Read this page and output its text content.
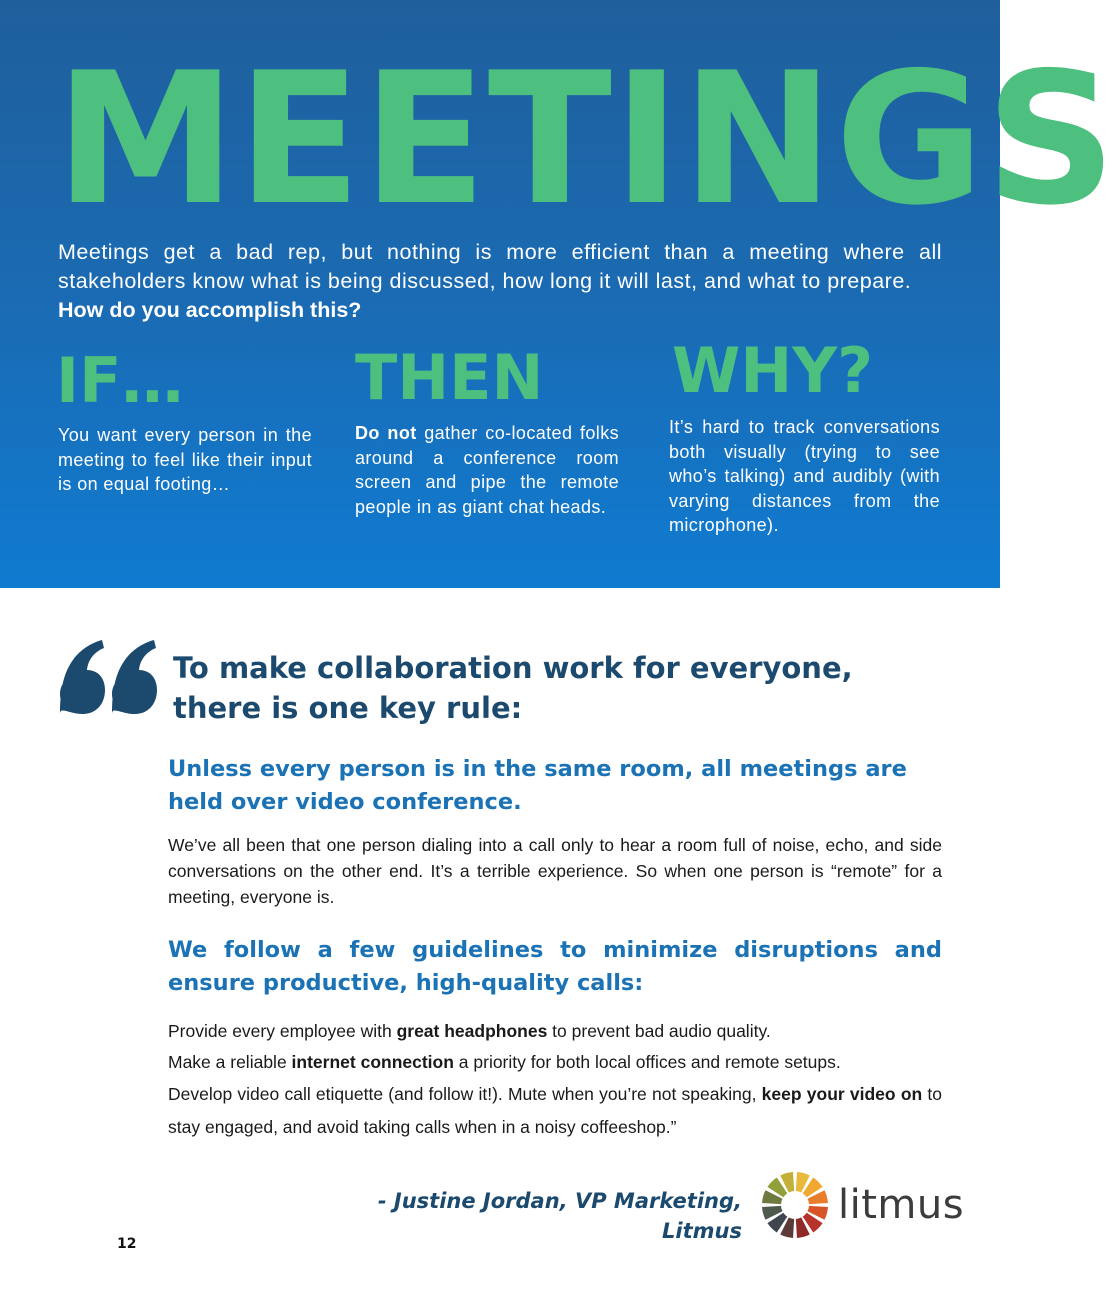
MEETINGS
Meetings get a bad rep, but nothing is more efficient than a meeting where all stakeholders know what is being discussed, how long it will last, and what to prepare.
How do you accomplish this?
IF…
You want every person in the meeting to feel like their input is on equal footing…
THEN
Do not gather co-located folks around a conference room screen and pipe the remote people in as giant chat heads.
WHY?
It’s hard to track conversations both visually (trying to see who’s talking) and audibly (with varying distances from the microphone).
To make collaboration work for everyone, there is one key rule:
Unless every person is in the same room, all meetings are held over video conference.
We’ve all been that one person dialing into a call only to hear a room full of noise, echo, and side conversations on the other end. It’s a terrible experience. So when one person is “remote” for a meeting, everyone is.
We follow a few guidelines to minimize disruptions and ensure productive, high-quality calls:
Provide every employee with great headphones to prevent bad audio quality.
Make a reliable internet connection a priority for both local offices and remote setups.
Develop video call etiquette (and follow it!). Mute when you’re not speaking, keep your video on to stay engaged, and avoid taking calls when in a noisy coffeeshop.”
- Justine Jordan, VP Marketing, Litmus
litmus
12
